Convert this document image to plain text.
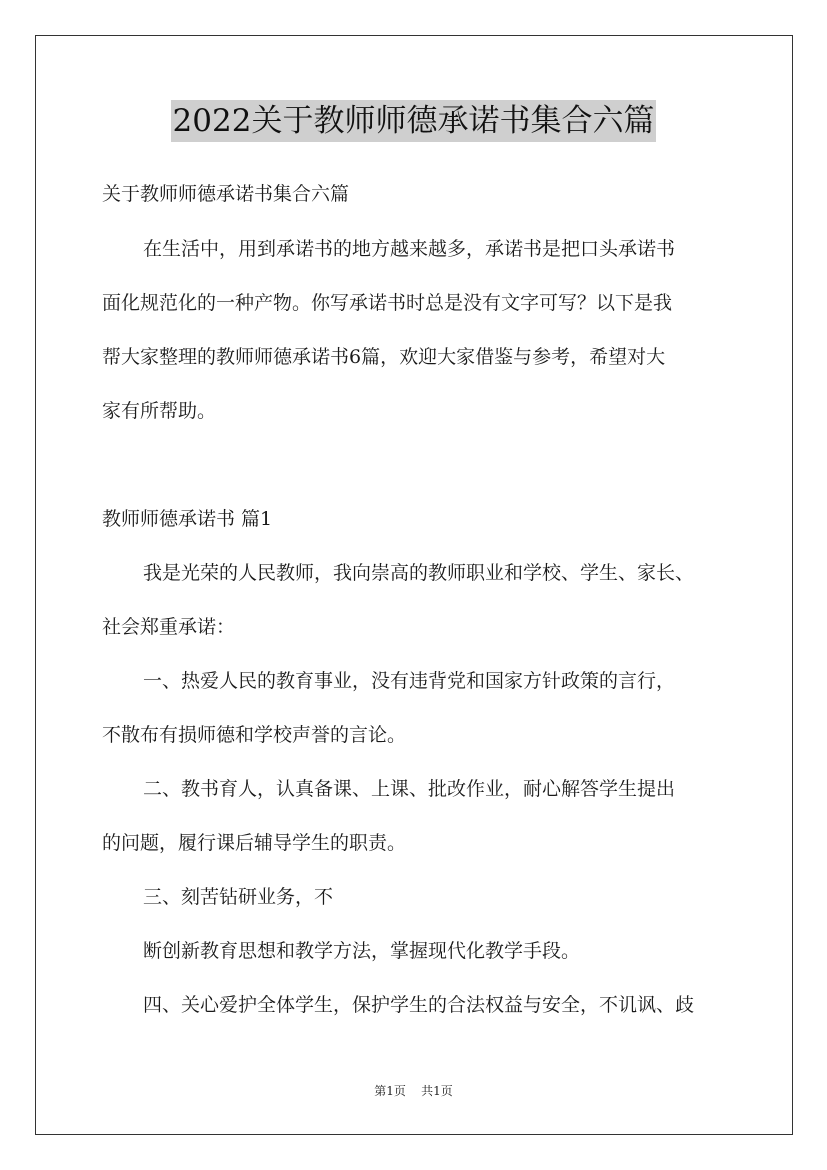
2022关于教师师德承诺书集合六篇
关于教师师德承诺书集合六篇
在生活中，用到承诺书的地方越来越多，承诺书是把口头承诺书
面化规范化的一种产物。你写承诺书时总是没有文字可写？以下是我
帮大家整理的教师师德承诺书6篇，欢迎大家借鉴与参考，希望对大
家有所帮助。
教师师德承诺书 篇1
我是光荣的人民教师，我向崇高的教师职业和学校、学生、家长、
社会郑重承诺：
一、热爱人民的教育事业，没有违背党和国家方针政策的言行，
不散布有损师德和学校声誉的言论。
二、教书育人，认真备课、上课、批改作业，耐心解答学生提出
的问题，履行课后辅导学生的职责。
三、刻苦钻研业务，不
断创新教育思想和教学方法，掌握现代化教学手段。
四、关心爱护全体学生，保护学生的合法权益与安全，不讥讽、歧
第1页 共1页
